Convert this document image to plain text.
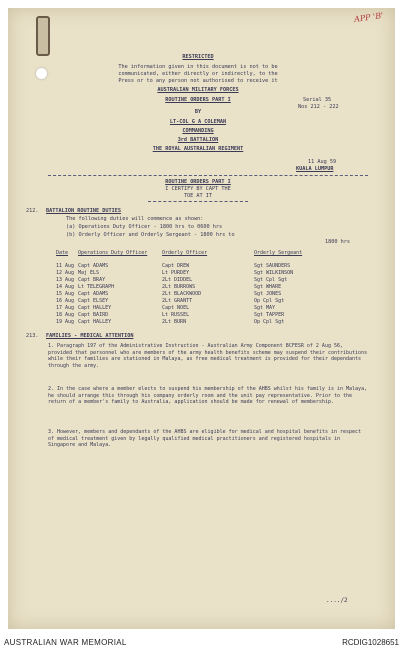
APP 'B'
RESTRICTED
The information given in this document is not to be
communicated, either directly or indirectly, to the
Press or to any person not authorised to receive it
AUSTRALIAN MILITARY FORCES
ROUTINE ORDERS PART I	Serial 35
Nos 212 - 222
BY
LT-COL G A COLEMAN
COMMANDING
3rd BATTALION
THE ROYAL AUSTRALIAN REGIMENT
11 Aug 59
KUALA LUMPUR
ROUTINE ORDERS PART I
I CERTIFY BY CAPT THE
TOE AT IT
212. BATTALION ROUTINE DUTIES
The following duties will commence as shown:
(a) Operations Duty Officer - 1800 hrs to 0600 hrs
(b) Orderly Officer and Orderly Sergeant - 1800 hrs to
1800 hrs
Date Operations Duty Officer	Orderly Officer	Orderly Sergeant
11 Aug Capt ADAMS	Capt DREW	Sgt SAUNDERS
12 Aug Maj ELS	Lt PURDEY	Sgt WILKINSON
13 Aug Capt BRAY	2Lt DIDDEL	Sgt Cpl Sgt
14 Aug Lt TELEGRAPH	2Lt BURROWS	Sgt WHARE
15 Aug Capt ADAMS	2Lt BLACKWOOD	Sgt JONES
16 Aug Capt ELSEY	2Lt GRANTT	Op Cpl Sgt
17 Aug Capt HALLEY	Capt NOEL	Sgt MAY
18 Aug Capt BAIRD	Lt RUSSEL	Sgt TAPPER
19 Aug Capt HALLEY	2Lt BURN	Op Cpl Sgt
213. FAMILIES - MEDICAL ATTENTION
1. Paragraph 197 of the Administrative Instruction - Australian Army Component BCFESR of 2 Aug 56, provided that personnel who are members of the army health benefits scheme may suspend their contributions while their families are stationed in Malaya, as free medical treatment is provided for their dependants through the army.
2. In the case where a member elects to suspend his membership of the AHBS whilst his family is in Malaya, he should arrange this through his company orderly room and the unit pay representative. Prior to the return of a member's family to Australia, application should be made for renewal of membership.
3. However, members and dependants of the AHBS are eligible for medical and hospital benefits in respect of medical treatment given by legally qualified medical practitioners and registered hospitals in Singapore and Malaya.
..../2
AUSTRALIAN WAR MEMORIAL	RCDIG1028651
